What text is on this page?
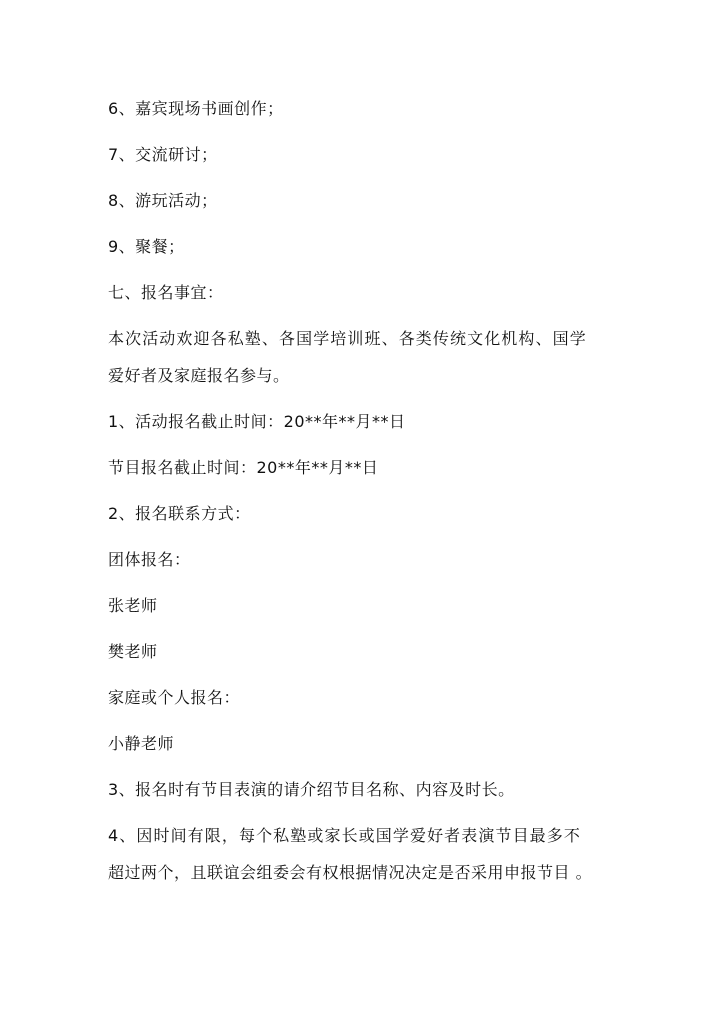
6、嘉宾现场书画创作；
7、交流研讨；
8、游玩活动；
9、聚餐；
七、报名事宜：
本次活动欢迎各私塾、各国学培训班、各类传统文化机构、国学
爱好者及家庭报名参与。
1、活动报名截止时间：20**年**月**日
节目报名截止时间：20**年**月**日
2、报名联系方式：
团体报名：
张老师
樊老师
家庭或个人报名：
小静老师
3、报名时有节目表演的请介绍节目名称、内容及时长。
4、因时间有限，每个私塾或家长或国学爱好者表演节目最多不
超过两个，且联谊会组委会有权根据情况决定是否采用申报节目 。
